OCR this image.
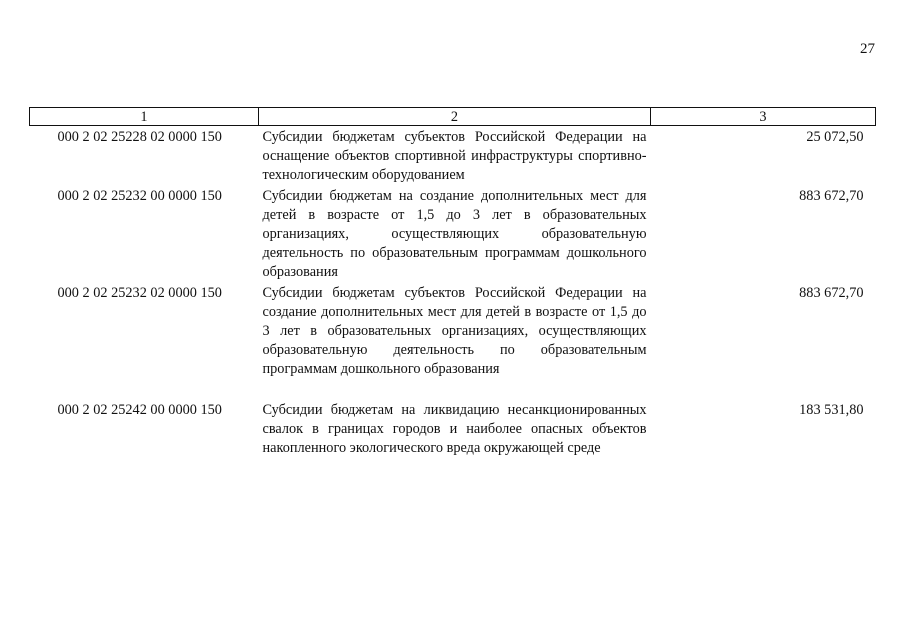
27
1	2	3
000 2 02 25228 02 0000 150	Субсидии бюджетам субъектов Российской Федерации на оснащение объектов спортивной инфраструктуры спортивно-технологическим оборудованием	25 072,50
000 2 02 25232 00 0000 150	Субсидии бюджетам на создание дополнительных мест для детей в возрасте от 1,5 до 3 лет в образовательных организациях, осуществляющих образовательную деятельность по образовательным программам дошкольного образования	883 672,70
000 2 02 25232 02 0000 150	Субсидии бюджетам субъектов Российской Федерации на создание дополнительных мест для детей в возрасте от 1,5 до 3 лет в образовательных организациях, осуществляющих образовательную деятельность по образовательным программам дошкольного образования	883 672,70
000 2 02 25242 00 0000 150	Субсидии бюджетам на ликвидацию несанкционированных свалок в границах городов и наиболее опасных объектов накопленного экологического вреда окружающей среде	183 531,80
